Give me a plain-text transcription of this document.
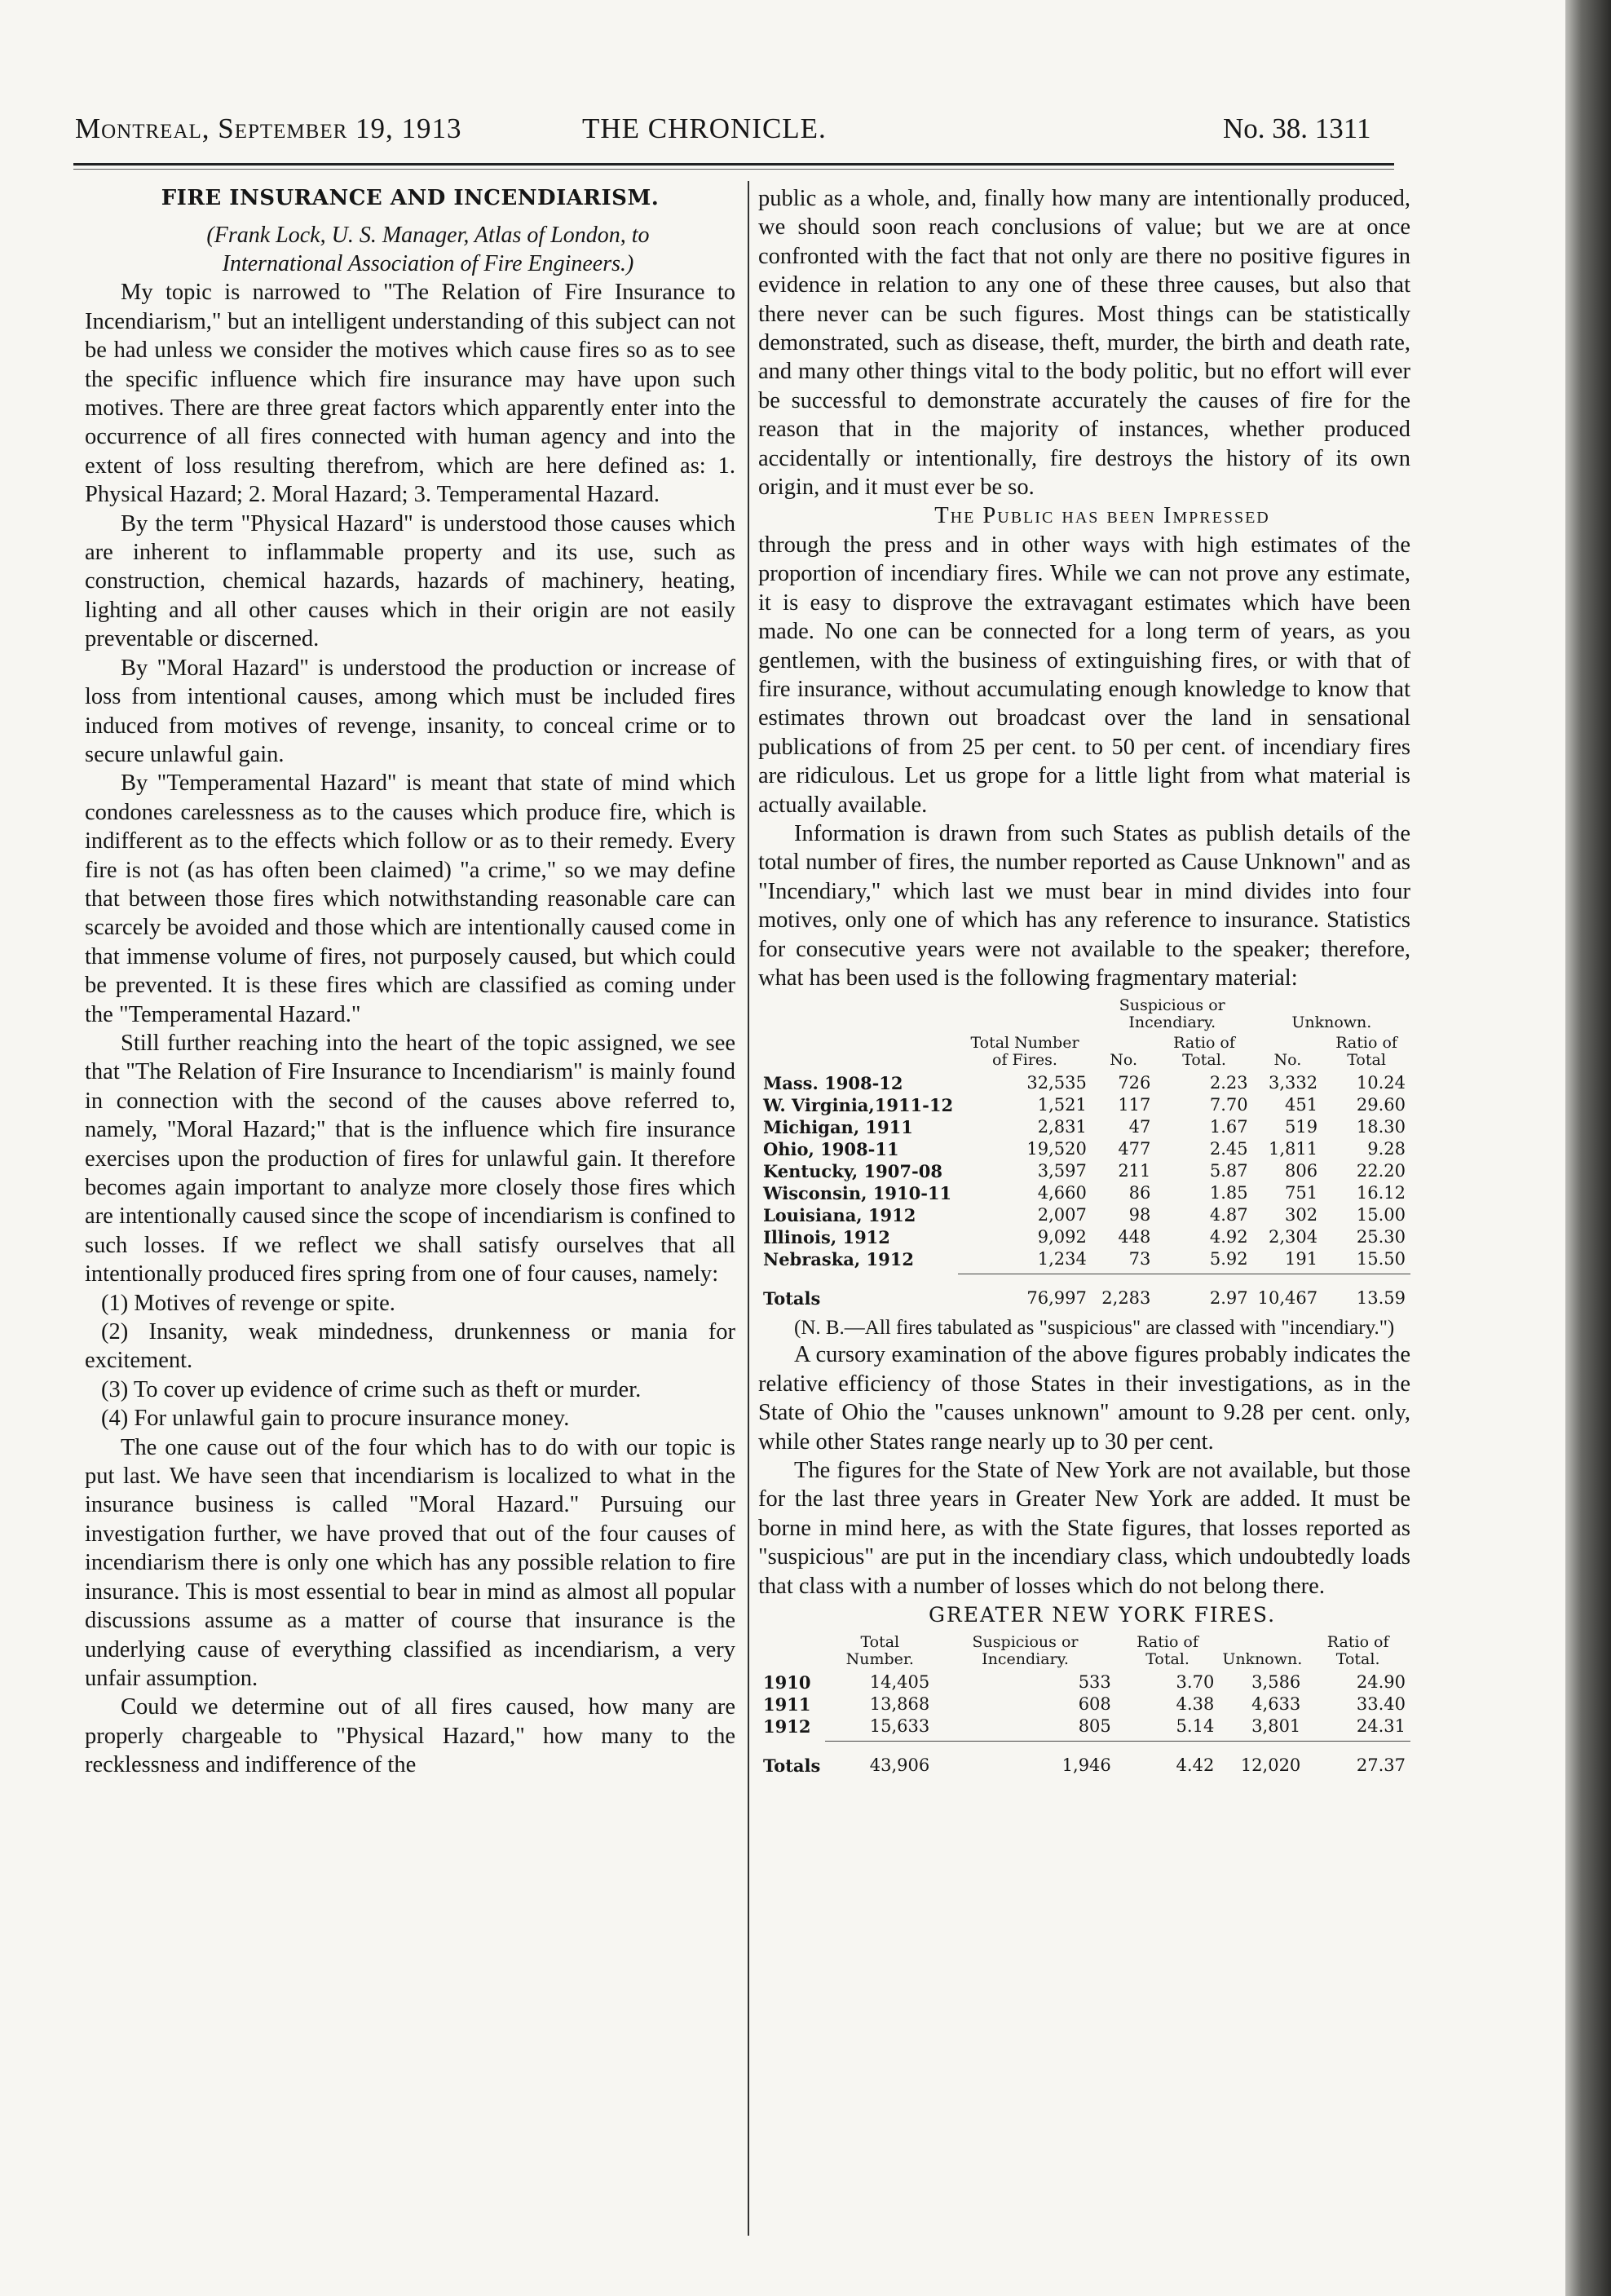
Montreal, September 19, 1913	THE CHRONICLE.	No. 38. 1311
FIRE INSURANCE AND INCENDIARISM.

(Frank Lock, U. S. Manager, Atlas of London, to

International Association of Fire Engineers.)

My topic is narrowed to "The Relation of Fire Insurance to Incendiarism," but an intelligent understanding of this subject can not be had unless we consider the motives which cause fires so as to see the specific influence which fire insurance may have upon such motives. There are three great factors which apparently enter into the occurrence of all fires connected with human agency and into the extent of loss resulting therefrom, which are here defined as: 1. Physical Hazard; 2. Moral Hazard; 3. Temperamental Hazard.

By the term "Physical Hazard" is understood those causes which are inherent to inflammable property and its use, such as construction, chemical hazards, hazards of machinery, heating, lighting and all other causes which in their origin are not easily preventable or discerned.

By "Moral Hazard" is understood the production or increase of loss from intentional causes, among which must be included fires induced from motives of revenge, insanity, to conceal crime or to secure unlawful gain.

By "Temperamental Hazard" is meant that state of mind which condones carelessness as to the causes which produce fire, which is indifferent as to the effects which follow or as to their remedy. Every fire is not (as has often been claimed) "a crime," so we may define that between those fires which notwithstanding reasonable care can scarcely be avoided and those which are intentionally caused come in that immense volume of fires, not purposely caused, but which could be prevented. It is these fires which are classified as coming under the "Temperamental Hazard."

Still further reaching into the heart of the topic assigned, we see that "The Relation of Fire Insurance to Incendiarism" is mainly found in connection with the second of the causes above referred to, namely, "Moral Hazard;" that is the influence which fire insurance exercises upon the production of fires for unlawful gain. It therefore becomes again important to analyze more closely those fires which are intentionally caused since the scope of incendiarism is confined to such losses. If we reflect we shall satisfy ourselves that all intentionally produced fires spring from one of four causes, namely:

(1) Motives of revenge or spite.

(2) Insanity, weak mindedness, drunkenness or mania for excitement.

(3) To cover up evidence of crime such as theft or murder.

(4) For unlawful gain to procure insurance money.

The one cause out of the four which has to do with our topic is put last. We have seen that incendiarism is localized to what in the insurance business is called "Moral Hazard." Pursuing our investigation further, we have proved that out of the four causes of incendiarism there is only one which has any possible relation to fire insurance. This is most essential to bear in mind as almost all popular discussions assume as a matter of course that insurance is the underlying cause of everything classified as incendiarism, a very unfair assumption.

Could we determine out of all fires caused, how many are properly chargeable to "Physical Hazard," how many to the recklessness and indifference of the

public as a whole, and, finally how many are intentionally produced, we should soon reach conclusions of value; but we are at once confronted with the fact that not only are there no positive figures in evidence in relation to any one of these three causes, but also that there never can be such figures. Most things can be statistically demonstrated, such as disease, theft, murder, the birth and death rate, and many other things vital to the body politic, but no effort will ever be successful to demonstrate accurately the causes of fire for the reason that in the majority of instances, whether produced accidentally or intentionally, fire destroys the history of its own origin, and it must ever be so.

The Public has been Impressed

through the press and in other ways with high estimates of the proportion of incendiary fires. While we can not prove any estimate, it is easy to disprove the extravagant estimates which have been made. No one can be connected for a long term of years, as you gentlemen, with the business of extinguishing fires, or with that of fire insurance, without accumulating enough knowledge to know that estimates thrown out broadcast over the land in sensational publications of from 25 per cent. to 50 per cent. of incendiary fires are ridiculous. Let us grope for a little light from what material is actually available.

Information is drawn from such States as publish details of the total number of fires, the number reported as Cause Unknown" and as "Incendiary," which last we must bear in mind divides into four motives, only one of which has any reference to insurance. Statistics for consecutive years were not available to the speaker; therefore, what has been used is the following fragmentary material:

	Total Number of Fires.	Suspicious or Incendiary.		Unknown.	
		No.	Ratio of Total.	No.	Ratio of Total
Mass. 1908-12	32,535	726	2.23	3,332	10.24
W. Virginia,1911-12	1,521	117	7.70	451	29.60
Michigan, 1911	2,831	47	1.67	519	18.30
Ohio, 1908-11	19,520	477	2.45	1,811	9.28
Kentucky, 1907-08	3,597	211	5.87	806	22.20
Wisconsin, 1910-11	4,660	86	1.85	751	16.12
Louisiana, 1912	2,007	98	4.87	302	15.00
Illinois, 1912	9,092	448	4.92	2,304	25.30
Nebraska, 1912	1,234	73	5.92	191	15.50

Totals	76,997	2,283	2.97	10,467	13.59

(N. B.—All fires tabulated as "suspicious" are classed with "incendiary.")

A cursory examination of the above figures probably indicates the relative efficiency of those States in their investigations, as in the State of Ohio the "causes unknown" amount to 9.28 per cent. only, while other States range nearly up to 30 per cent.

The figures for the State of New York are not available, but those for the last three years in Greater New York are added. It must be borne in mind here, as with the State figures, that losses reported as "suspicious" are put in the incendiary class, which undoubtedly loads that class with a number of losses which do not belong there.

GREATER NEW YORK FIRES.

	Total Number.	Suspicious or Incendiary.	Ratio of Total.	Unknown.	Ratio of Total.
1910	14,405	533	3.70	3,586	24.90
1911	13,868	608	4.38	4,633	33.40
1912	15,633	805	5.14	3,801	24.31

Totals	43,906	1,946	4.42	12,020	27.37
